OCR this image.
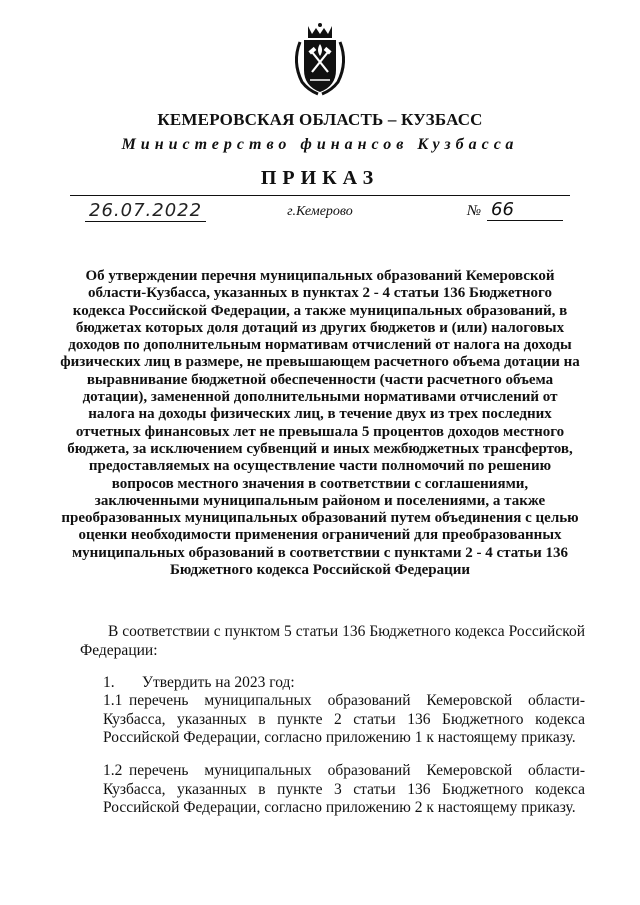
КЕМЕРОВСКАЯ ОБЛАСТЬ – КУЗБАСС
Министерство финансов Кузбасса
ПРИКАЗ
26.07.2022	г.Кемерово	№ 66
Об утверждении перечня муниципальных образований Кемеровской области-Кузбасса, указанных в пунктах 2 - 4 статьи 136 Бюджетного кодекса Российской Федерации, а также муниципальных образований, в бюджетах которых доля дотаций из других бюджетов и (или) налоговых доходов по дополнительным нормативам отчислений от налога на доходы физических лиц в размере, не превышающем расчетного объема дотации на выравнивание бюджетной обеспеченности (части расчетного объема дотации), замененной дополнительными нормативами отчислений от налога на доходы физических лиц, в течение двух из трех последних отчетных финансовых лет не превышала 5 процентов доходов местного бюджета, за исключением субвенций и иных межбюджетных трансфертов, предоставляемых на осуществление части полномочий по решению вопросов местного значения в соответствии с соглашениями, заключенными муниципальным районом и поселениями, а также преобразованных муниципальных образований путем объединения с целью оценки необходимости применения ограничений для преобразованных муниципальных образований в соответствии с пунктами 2 - 4 статьи 136 Бюджетного кодекса Российской Федерации
В соответствии с пунктом 5 статьи 136 Бюджетного кодекса Российской Федерации:
1. Утвердить на 2023 год:
1.1 перечень муниципальных образований Кемеровской области-Кузбасса, указанных в пункте 2 статьи 136 Бюджетного кодекса Российской Федерации, согласно приложению 1 к настоящему приказу.
1.2 перечень муниципальных образований Кемеровской области-Кузбасса, указанных в пункте 3 статьи 136 Бюджетного кодекса Российской Федерации, согласно приложению 2 к настоящему приказу.
